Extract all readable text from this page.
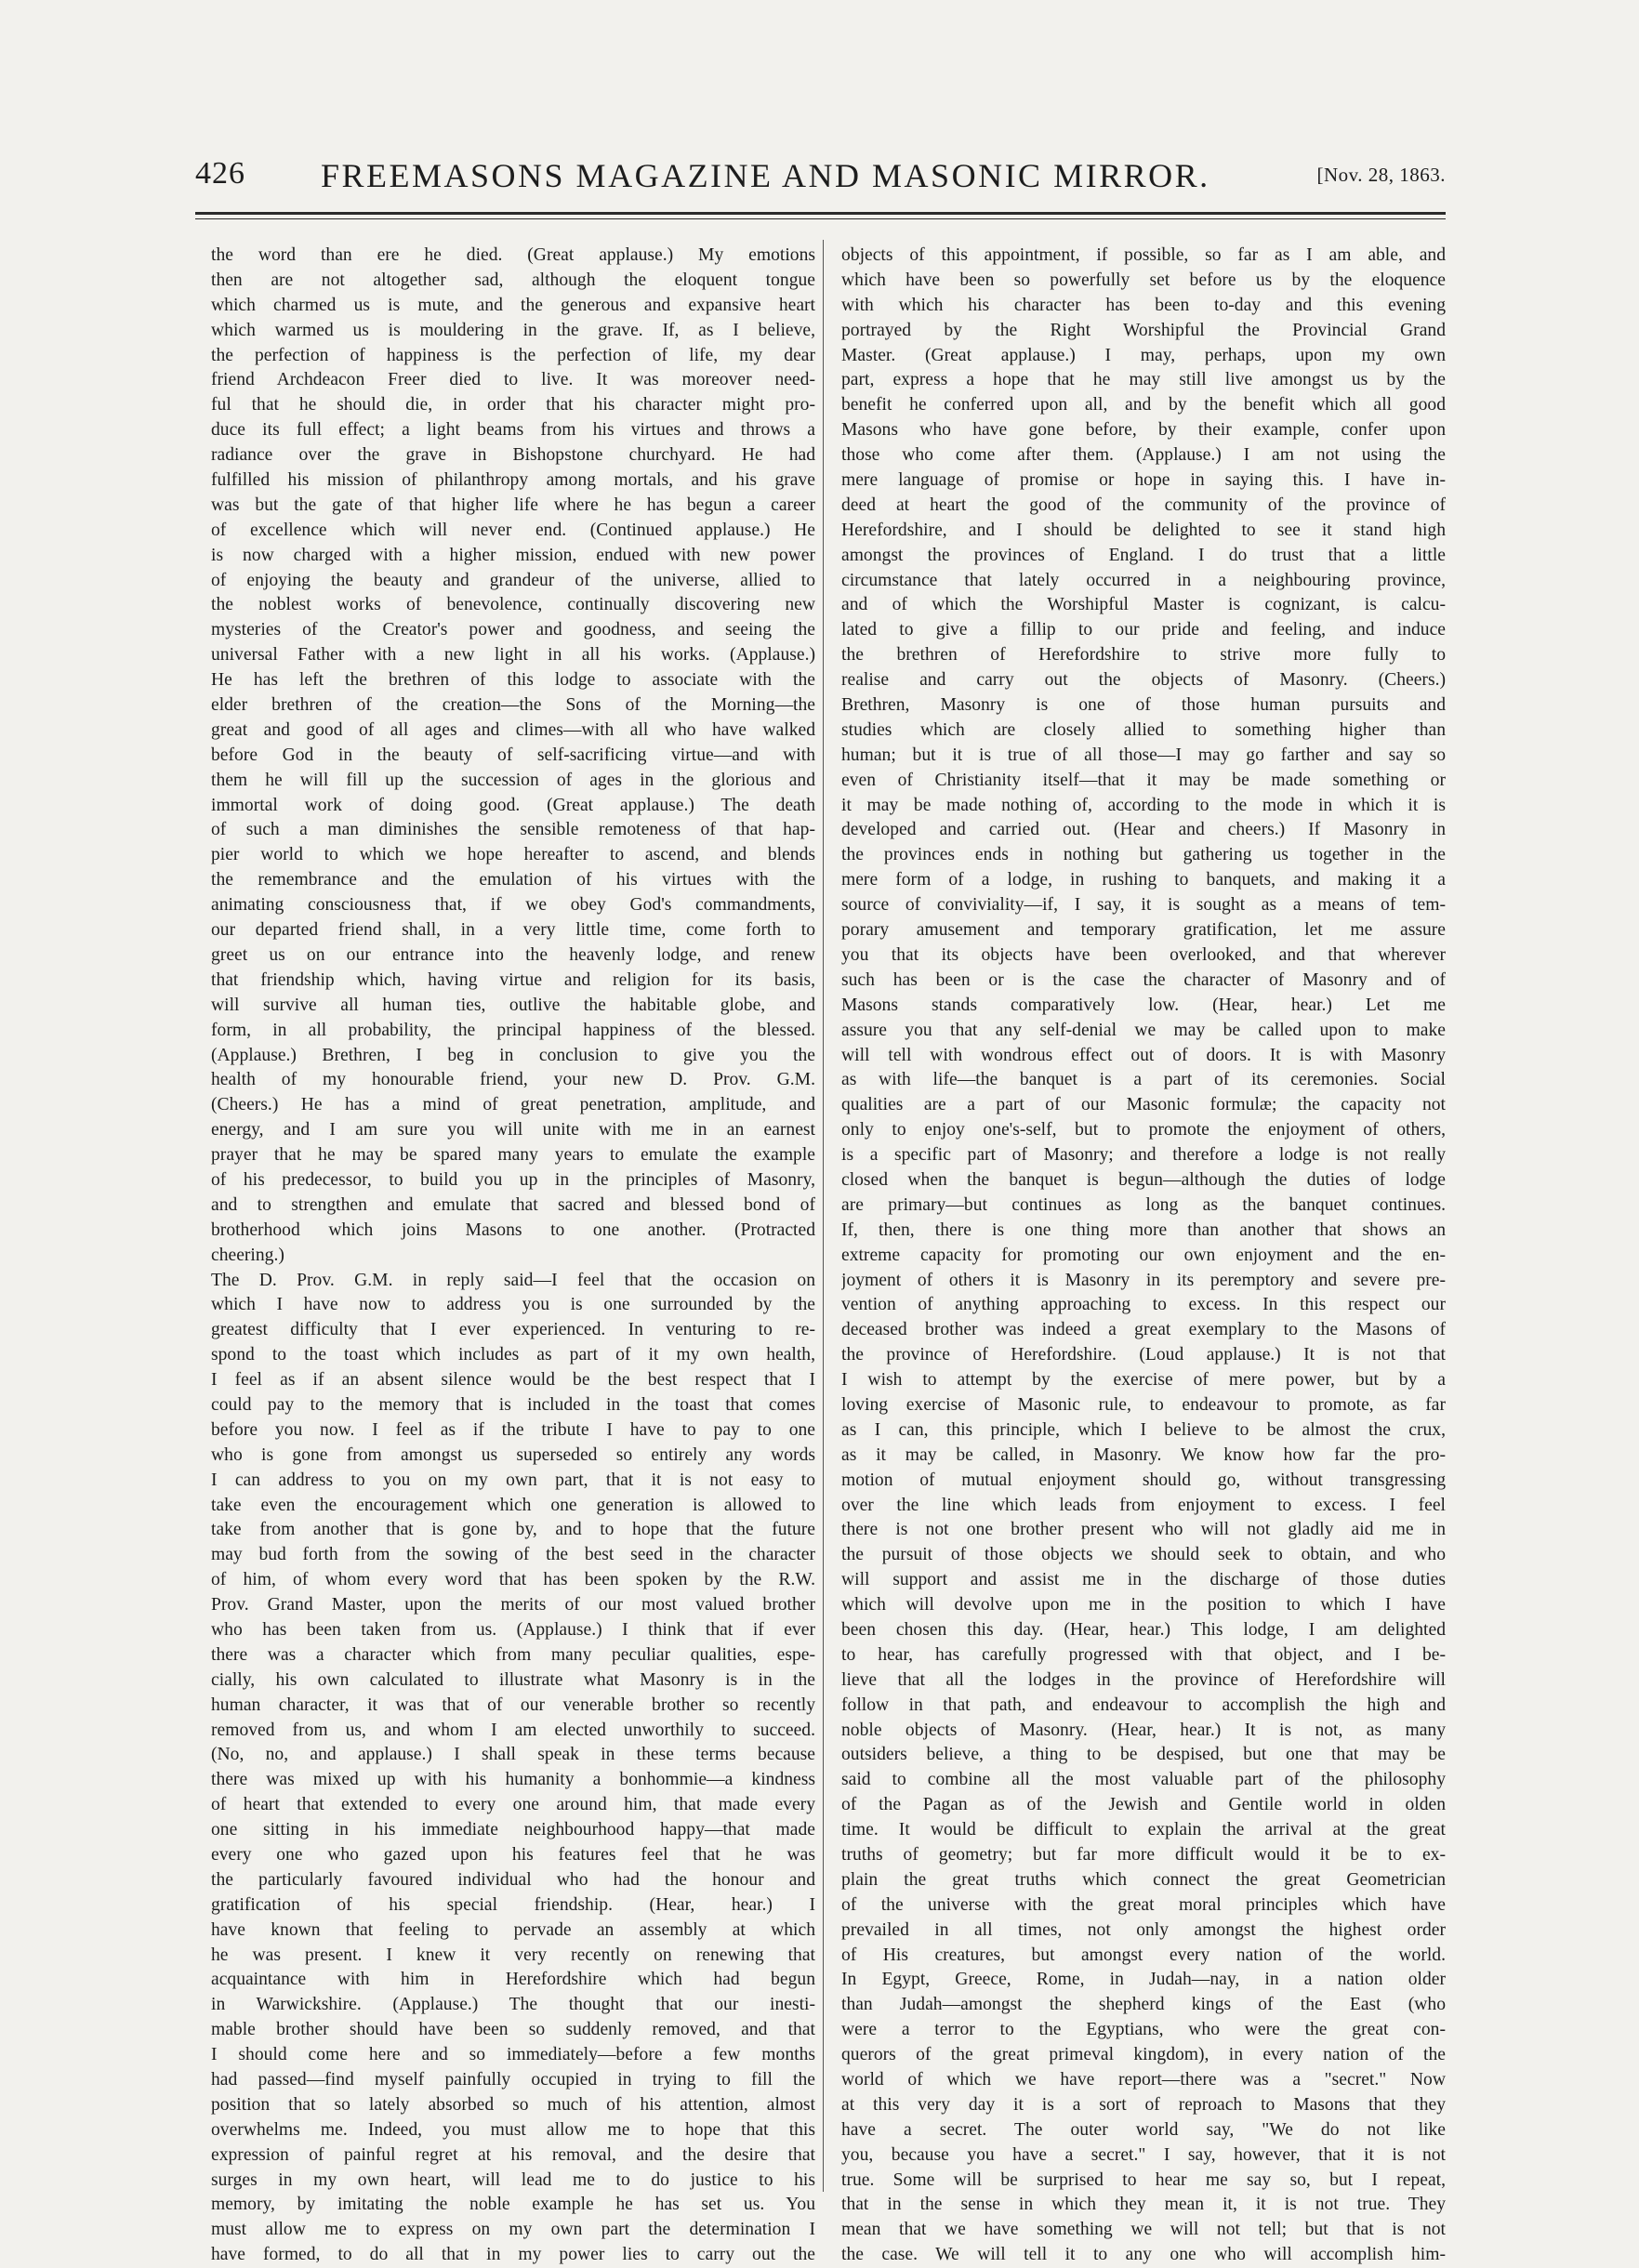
426 FREEMASONS MAGAZINE AND MASONIC MIRROR.	[Nov. 28, 1863.
the word than ere he died. (Great applause.) My emotions
then are not altogether sad, although the eloquent tongue
which charmed us is mute, and the generous and expansive heart
which warmed us is mouldering in the grave. If, as I believe,
the perfection of happiness is the perfection of life, my dear
friend Archdeacon Freer died to live. It was moreover need-
ful that he should die, in order that his character might pro-
duce its full effect; a light beams from his virtues and throws a
radiance over the grave in Bishopstone churchyard. He had
fulfilled his mission of philanthropy among mortals, and his grave
was but the gate of that higher life where he has begun a career
of excellence which will never end. (Continued applause.) He
is now charged with a higher mission, endued with new power
of enjoying the beauty and grandeur of the universe, allied to
the noblest works of benevolence, continually discovering new
mysteries of the Creator's power and goodness, and seeing the
universal Father with a new light in all his works. (Applause.)
He has left the brethren of this lodge to associate with the
elder brethren of the creation—the Sons of the Morning—the
great and good of all ages and climes—with all who have walked
before God in the beauty of self-sacrificing virtue—and with
them he will fill up the succession of ages in the glorious and
immortal work of doing good. (Great applause.) The death
of such a man diminishes the sensible remoteness of that hap-
pier world to which we hope hereafter to ascend, and blends
the remembrance and the emulation of his virtues with the
animating consciousness that, if we obey God's commandments,
our departed friend shall, in a very little time, come forth to
greet us on our entrance into the heavenly lodge, and renew
that friendship which, having virtue and religion for its basis,
will survive all human ties, outlive the habitable globe, and
form, in all probability, the principal happiness of the blessed.
(Applause.) Brethren, I beg in conclusion to give you the
health of my honourable friend, your new D. Prov. G.M.
(Cheers.) He has a mind of great penetration, amplitude, and
energy, and I am sure you will unite with me in an earnest
prayer that he may be spared many years to emulate the example
of his predecessor, to build you up in the principles of Masonry,
and to strengthen and emulate that sacred and blessed bond of
brotherhood which joins Masons to one another. (Protracted
cheering.)
The D. Prov. G.M. in reply said—I feel that the occasion on
which I have now to address you is one surrounded by the
greatest difficulty that I ever experienced. In venturing to re-
spond to the toast which includes as part of it my own health,
I feel as if an absent silence would be the best respect that I
could pay to the memory that is included in the toast that comes
before you now. I feel as if the tribute I have to pay to one
who is gone from amongst us superseded so entirely any words
I can address to you on my own part, that it is not easy to
take even the encouragement which one generation is allowed to
take from another that is gone by, and to hope that the future
may bud forth from the sowing of the best seed in the character
of him, of whom every word that has been spoken by the R.W.
Prov. Grand Master, upon the merits of our most valued brother
who has been taken from us. (Applause.) I think that if ever
there was a character which from many peculiar qualities, espe-
cially, his own calculated to illustrate what Masonry is in the
human character, it was that of our venerable brother so recently
removed from us, and whom I am elected unworthily to succeed.
(No, no, and applause.) I shall speak in these terms because
there was mixed up with his humanity a bonhommie—a kindness
of heart that extended to every one around him, that made every
one sitting in his immediate neighbourhood happy—that made
every one who gazed upon his features feel that he was
the particularly favoured individual who had the honour and
gratification of his special friendship. (Hear, hear.) I
have known that feeling to pervade an assembly at which
he was present. I knew it very recently on renewing that
acquaintance with him in Herefordshire which had begun
in Warwickshire. (Applause.) The thought that our inesti-
mable brother should have been so suddenly removed, and that
I should come here and so immediately—before a few months
had passed—find myself painfully occupied in trying to fill the
position that so lately absorbed so much of his attention, almost
overwhelms me. Indeed, you must allow me to hope that this
expression of painful regret at his removal, and the desire that
surges in my own heart, will lead me to do justice to his
memory, by imitating the noble example he has set us. You
must allow me to express on my own part the determination I
have formed, to do all that in my power lies to carry out the
objects of this appointment, if possible, so far as I am able, and
which have been so powerfully set before us by the eloquence
with which his character has been to-day and this evening
portrayed by the Right Worshipful the Provincial Grand
Master. (Great applause.) I may, perhaps, upon my own
part, express a hope that he may still live amongst us by the
benefit he conferred upon all, and by the benefit which all good
Masons who have gone before, by their example, confer upon
those who come after them. (Applause.) I am not using the
mere language of promise or hope in saying this. I have in-
deed at heart the good of the community of the province of
Herefordshire, and I should be delighted to see it stand high
amongst the provinces of England. I do trust that a little
circumstance that lately occurred in a neighbouring province,
and of which the Worshipful Master is cognizant, is calcu-
lated to give a fillip to our pride and feeling, and induce
the brethren of Herefordshire to strive more fully to
realise and carry out the objects of Masonry. (Cheers.)
Brethren, Masonry is one of those human pursuits and
studies which are closely allied to something higher than
human; but it is true of all those—I may go farther and say so
even of Christianity itself—that it may be made something or
it may be made nothing of, according to the mode in which it is
developed and carried out. (Hear and cheers.) If Masonry in
the provinces ends in nothing but gathering us together in the
mere form of a lodge, in rushing to banquets, and making it a
source of conviviality—if, I say, it is sought as a means of tem-
porary amusement and temporary gratification, let me assure
you that its objects have been overlooked, and that wherever
such has been or is the case the character of Masonry and of
Masons stands comparatively low. (Hear, hear.) Let me
assure you that any self-denial we may be called upon to make
will tell with wondrous effect out of doors. It is with Masonry
as with life—the banquet is a part of its ceremonies. Social
qualities are a part of our Masonic formulæ; the capacity not
only to enjoy one's-self, but to promote the enjoyment of others,
is a specific part of Masonry; and therefore a lodge is not really
closed when the banquet is begun—although the duties of lodge
are primary—but continues as long as the banquet continues.
If, then, there is one thing more than another that shows an
extreme capacity for promoting our own enjoyment and the en-
joyment of others it is Masonry in its peremptory and severe pre-
vention of anything approaching to excess. In this respect our
deceased brother was indeed a great exemplary to the Masons of
the province of Herefordshire. (Loud applause.) It is not that
I wish to attempt by the exercise of mere power, but by a
loving exercise of Masonic rule, to endeavour to promote, as far
as I can, this principle, which I believe to be almost the crux,
as it may be called, in Masonry. We know how far the pro-
motion of mutual enjoyment should go, without transgressing
over the line which leads from enjoyment to excess. I feel
there is not one brother present who will not gladly aid me in
the pursuit of those objects we should seek to obtain, and who
will support and assist me in the discharge of those duties
which will devolve upon me in the position to which I have
been chosen this day. (Hear, hear.) This lodge, I am delighted
to hear, has carefully progressed with that object, and I be-
lieve that all the lodges in the province of Herefordshire will
follow in that path, and endeavour to accomplish the high and
noble objects of Masonry. (Hear, hear.) It is not, as many
outsiders believe, a thing to be despised, but one that may be
said to combine all the most valuable part of the philosophy
of the Pagan as of the Jewish and Gentile world in olden
time. It would be difficult to explain the arrival at the great
truths of geometry; but far more difficult would it be to ex-
plain the great truths which connect the great Geometrician
of the universe with the great moral principles which have
prevailed in all times, not only amongst the highest order
of His creatures, but amongst every nation of the world.
In Egypt, Greece, Rome, in Judah—nay, in a nation older
than Judah—amongst the shepherd kings of the East (who
were a terror to the Egyptians, who were the great con-
querors of the great primeval kingdom), in every nation of the
world of which we have report—there was a "secret." Now
at this very day it is a sort of reproach to Masons that they
have a secret. The outer world say, "We do not like
you, because you have a secret." I say, however, that it is not
true. Some will be surprised to hear me say so, but I repeat,
that in the sense in which they mean it, it is not true. They
mean that we have something we will not tell; but that is not
the case. We will tell it to any one who will accomplish him-
